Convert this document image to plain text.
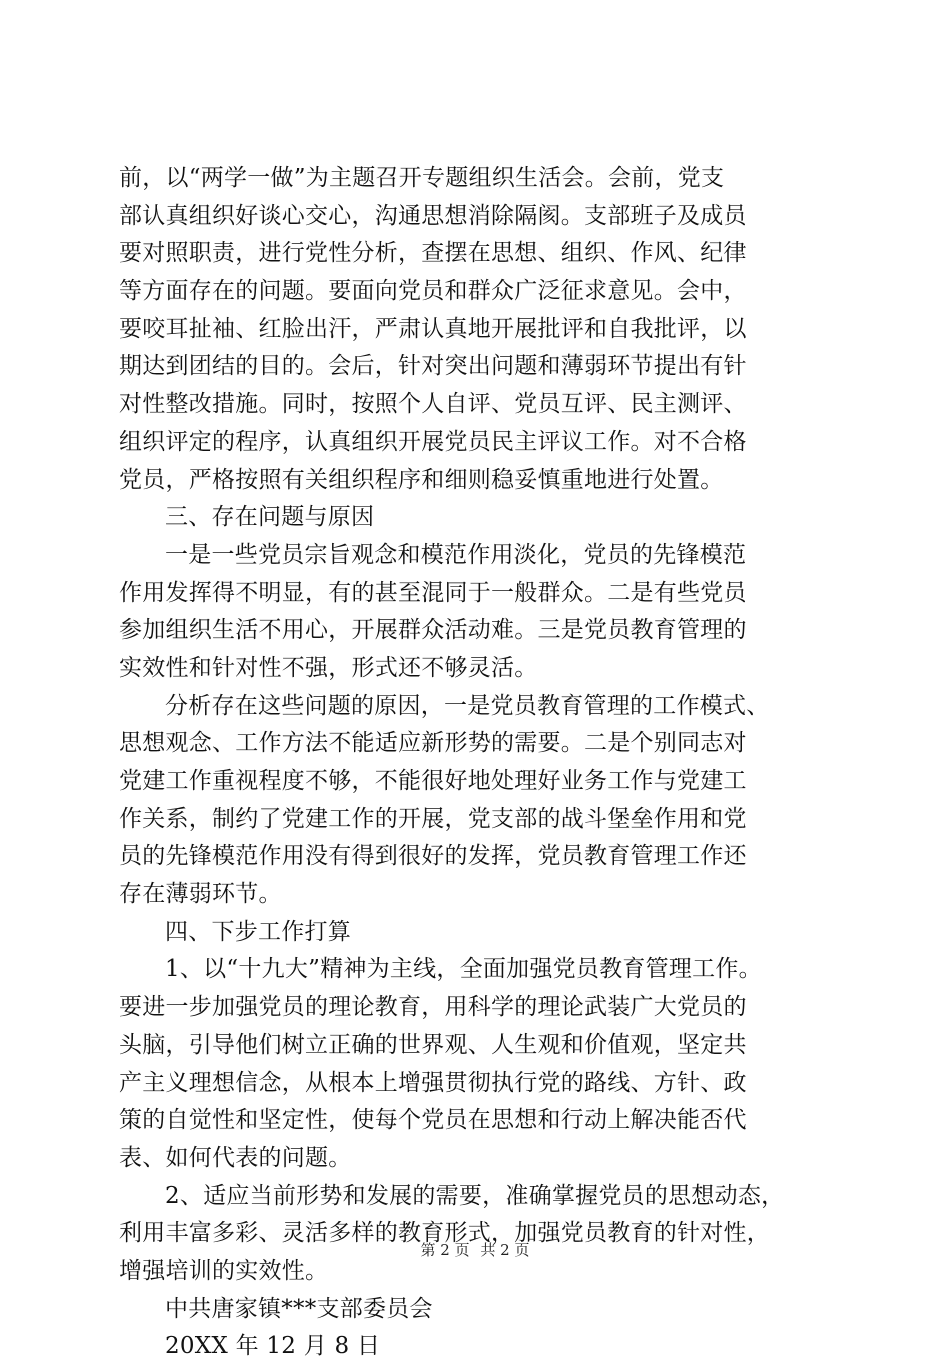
前，以“两学一做”为主题召开专题组织生活会。会前，党支
部认真组织好谈心交心，沟通思想消除隔阂。支部班子及成员
要对照职责，进行党性分析，查摆在思想、组织、作风、纪律
等方面存在的问题。要面向党员和群众广泛征求意见。会中，
要咬耳扯袖、红脸出汗，严肃认真地开展批评和自我批评，以
期达到团结的目的。会后，针对突出问题和薄弱环节提出有针
对性整改措施。同时，按照个人自评、党员互评、民主测评、
组织评定的程序，认真组织开展党员民主评议工作。对不合格
党员，严格按照有关组织程序和细则稳妥慎重地进行处置。
三、存在问题与原因
一是一些党员宗旨观念和模范作用淡化，党员的先锋模范
作用发挥得不明显，有的甚至混同于一般群众。二是有些党员
参加组织生活不用心，开展群众活动难。三是党员教育管理的
实效性和针对性不强，形式还不够灵活。
分析存在这些问题的原因，一是党员教育管理的工作模式、
思想观念、工作方法不能适应新形势的需要。二是个别同志对
党建工作重视程度不够，不能很好地处理好业务工作与党建工
作关系，制约了党建工作的开展，党支部的战斗堡垒作用和党
员的先锋模范作用没有得到很好的发挥，党员教育管理工作还
存在薄弱环节。
四、下步工作打算
1、以“十九大”精神为主线，全面加强党员教育管理工作。
要进一步加强党员的理论教育，用科学的理论武装广大党员的
头脑，引导他们树立正确的世界观、人生观和价值观，坚定共
产主义理想信念，从根本上增强贯彻执行党的路线、方针、政
策的自觉性和坚定性，使每个党员在思想和行动上解决能否代
表、如何代表的问题。
2、适应当前形势和发展的需要，准确掌握党员的思想动态，
利用丰富多彩、灵活多样的教育形式，加强党员教育的针对性，
增强培训的实效性。
中共唐家镇***支部委员会
20XX 年 12 月 8 日
第 2 页 共 2 页
